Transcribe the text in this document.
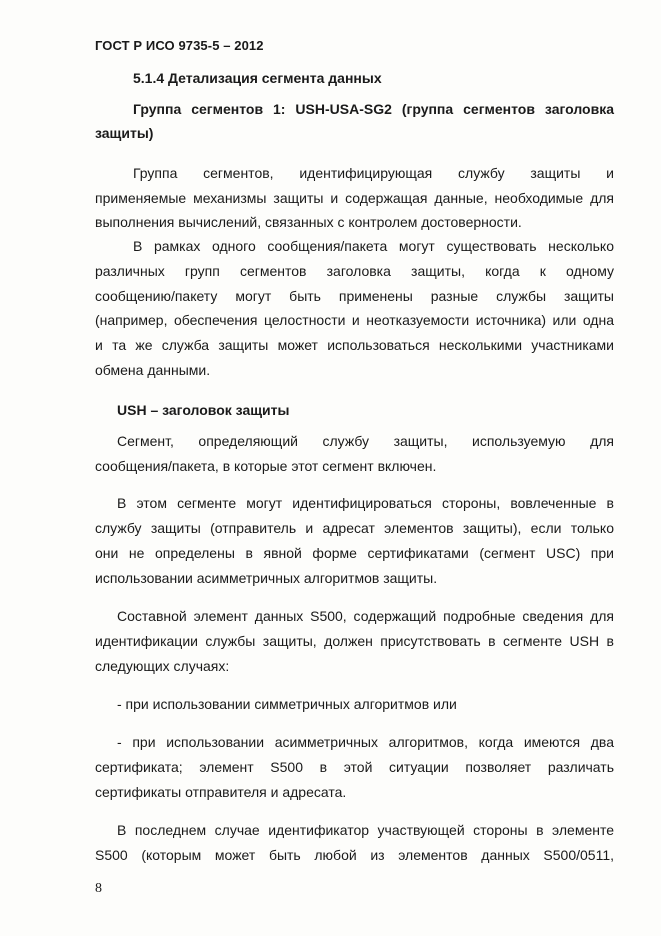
ГОСТ Р ИСО 9735-5 – 2012
5.1.4 Детализация сегмента данных
Группа сегментов 1: USH-USA-SG2 (группа сегментов заголовка
защиты)
Группа сегментов, идентифицирующая службу защиты и
применяемые механизмы защиты и содержащая данные, необходимые для
выполнения вычислений, связанных с контролем достоверности.
В рамках одного сообщения/пакета могут существовать несколько
различных групп сегментов заголовка защиты, когда к одному
сообщению/пакету могут быть применены разные службы защиты
(например, обеспечения целостности и неотказуемости источника) или одна
и та же служба защиты может использоваться несколькими участниками
обмена данными.
USH – заголовок защиты
Сегмент, определяющий службу защиты, используемую для
сообщения/пакета, в которые этот сегмент включен.
В этом сегменте могут идентифицироваться стороны, вовлеченные в
службу защиты (отправитель и адресат элементов защиты), если только
они не определены в явной форме сертификатами (сегмент USC) при
использовании асимметричных алгоритмов защиты.
Составной элемент данных S500, содержащий подробные сведения для
идентификации службы защиты, должен присутствовать в сегменте USH в
следующих случаях:
- при использовании симметричных алгоритмов или
- при использовании асимметричных алгоритмов, когда имеются два
сертификата; элемент S500 в этой ситуации позволяет различать
сертификаты отправителя и адресата.
В последнем случае идентификатор участвующей стороны в элементе
S500 (которым может быть любой из элементов данных S500/0511,
8
